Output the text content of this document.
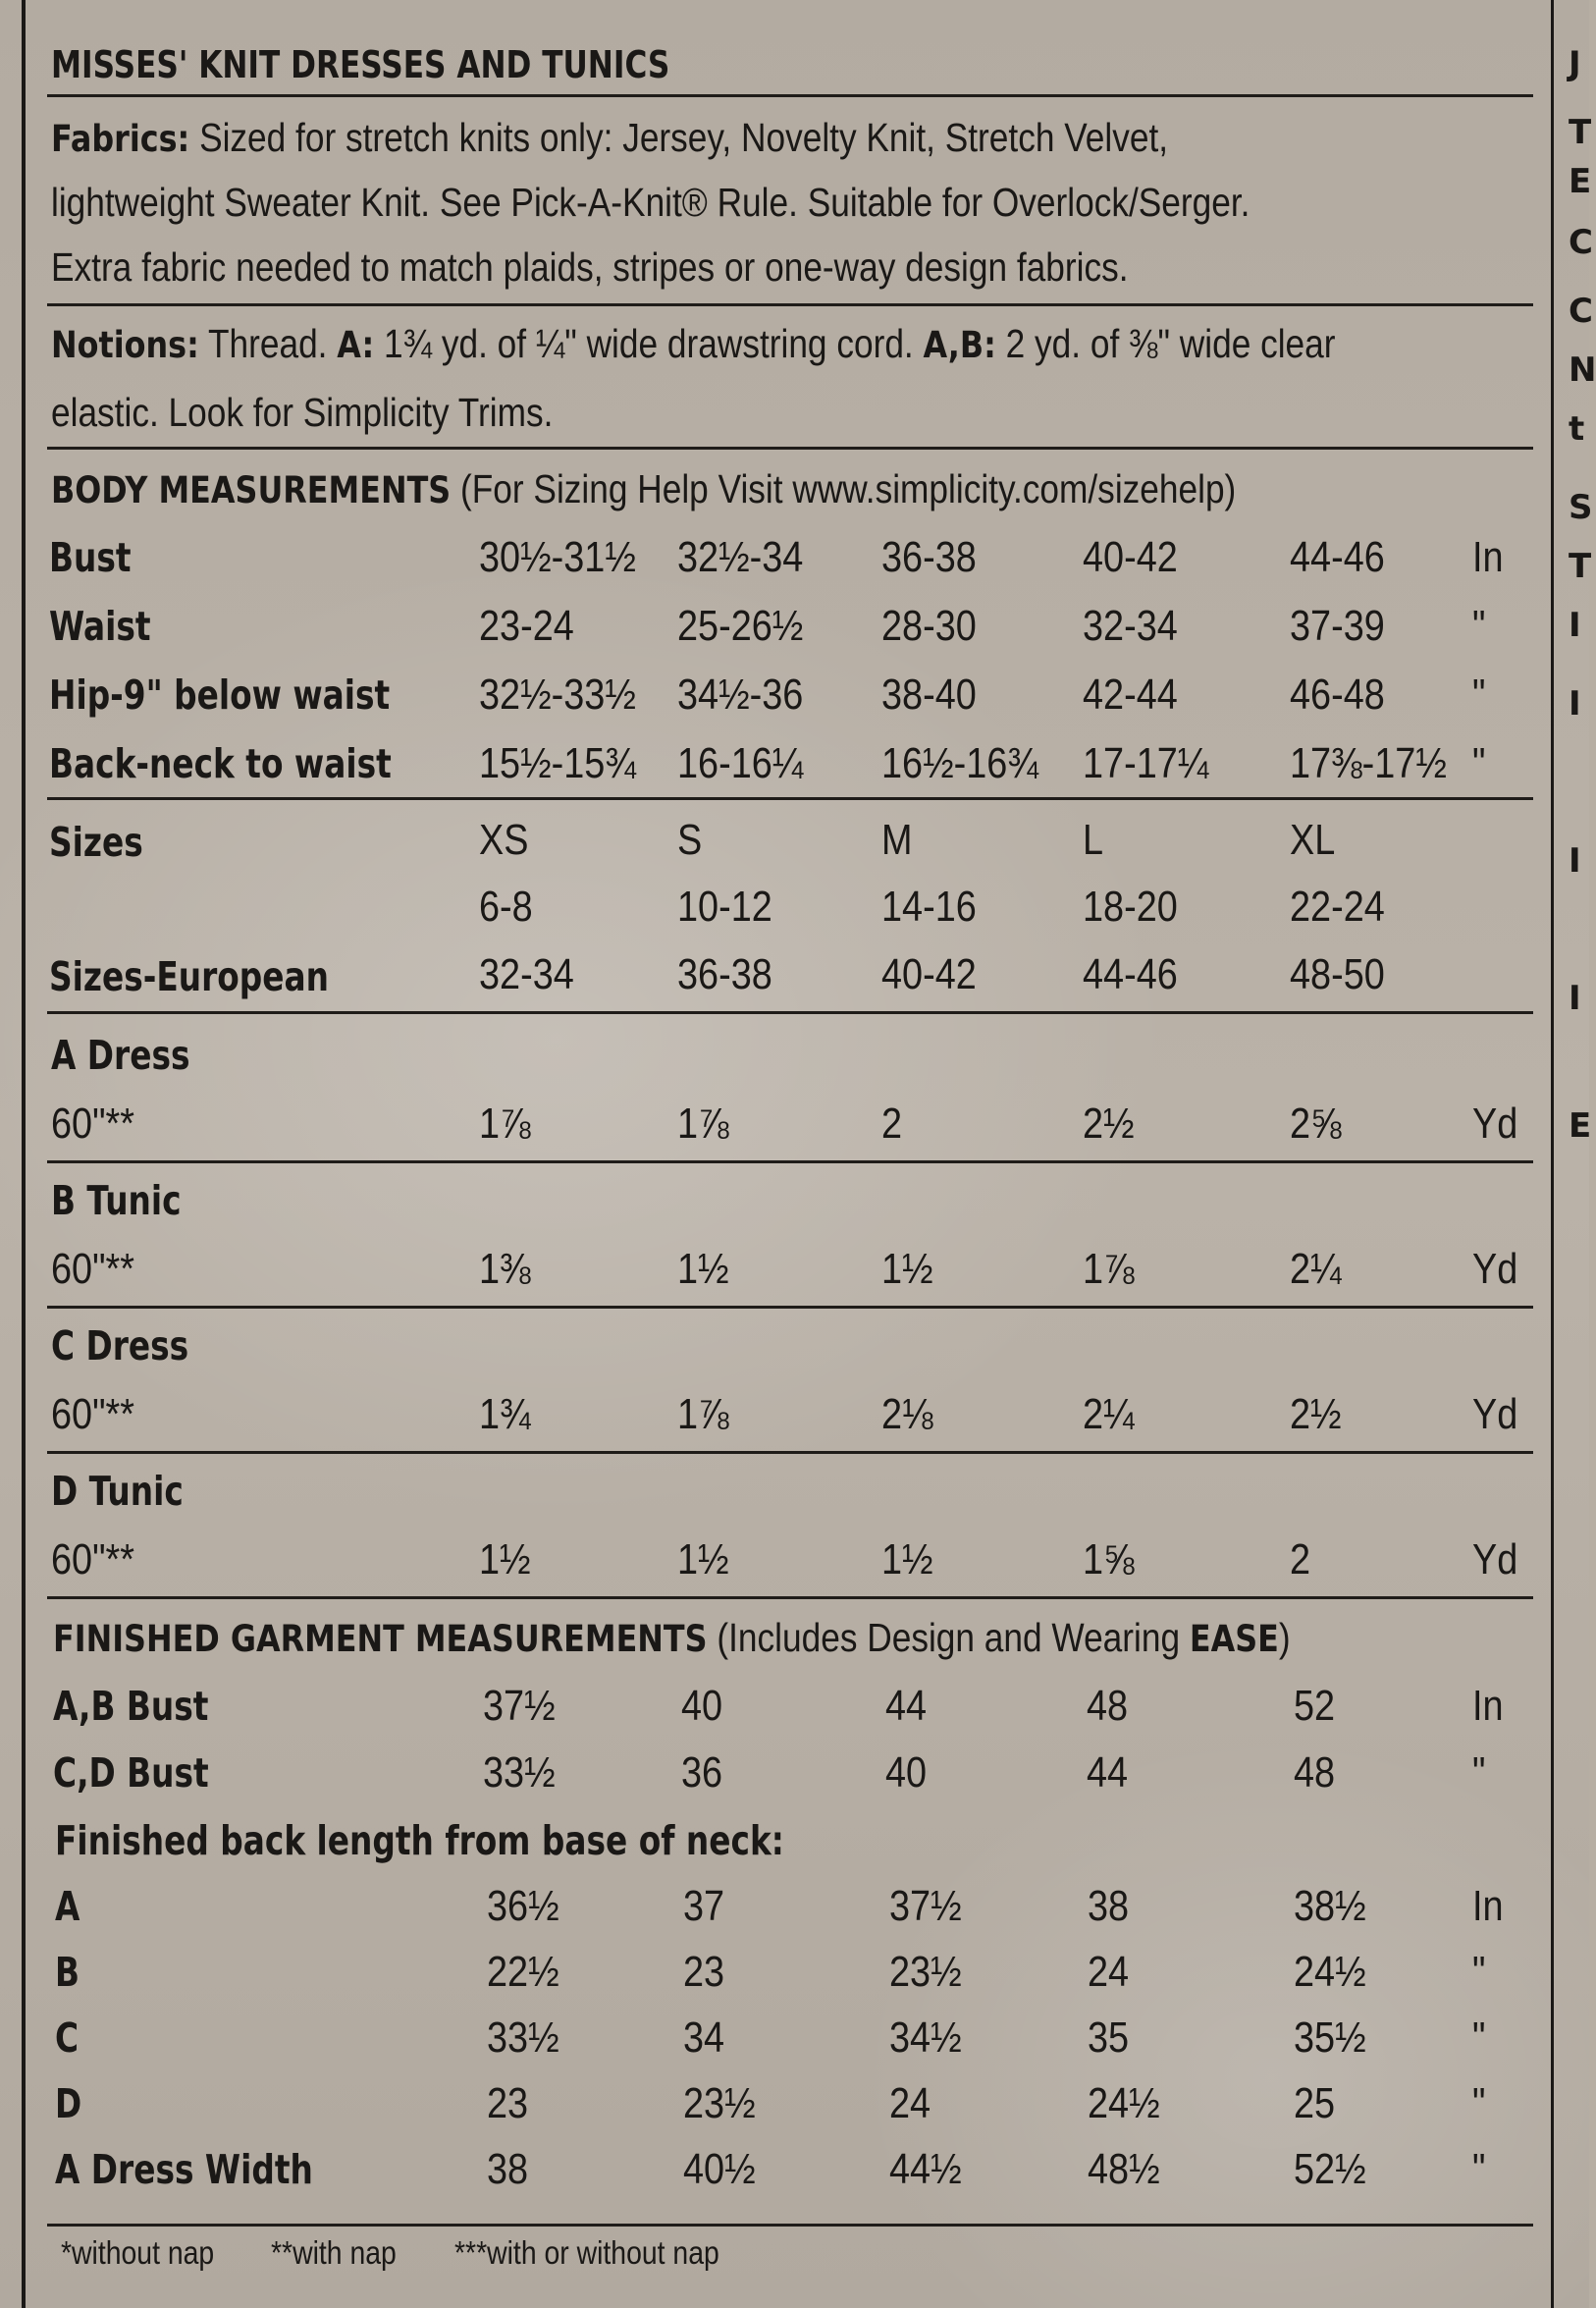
MISSES' KNIT DRESSES AND TUNICS
Fabrics: Sized for stretch knits only: Jersey, Novelty Knit, Stretch Velvet,
lightweight Sweater Knit. See Pick-A-Knit® Rule. Suitable for Overlock/Serger.
Extra fabric needed to match plaids, stripes or one-way design fabrics.
Notions: Thread. A: 1¾ yd. of ¼" wide drawstring cord. A,B: 2 yd. of ⅜" wide clear
elastic. Look for Simplicity Trims.
BODY MEASUREMENTS (For Sizing Help Visit www.simplicity.com/sizehelp)
Bust	30½-31½ 32½-34 36-38 40-42	44-46 In
Waist	23-24 25-26½ 28-30 32-34	37-39 "
Hip-9" below waist 32½-33½ 34½-36 38-40 42-44	46-48 "
Back-neck to waist 15½-15¾ 16-16¼ 16½-16¾ 17-17¼ 17⅜-17½ "
Sizes	XS	S	M	L	XL
6-8	10-12	14-16 18-20	22-24
Sizes-European	32-34 36-38	40-42 44-46	48-50
A Dress
60"**	1⅞	1⅞	2	2½	2⅝	Yd
B Tunic
60"**	1⅜	1½	1½	1⅞	2¼	Yd
C Dress
60"**	1¾	1⅞	2⅛	2¼	2½	Yd
D Tunic
60"**	1½	1½	1½	1⅝	2	Yd
FINISHED GARMENT MEASUREMENTS (Includes Design and Wearing EASE)
A,B Bust	37½	40	44	48	52	In
C,D Bust	33½	36	40	44	48	"
Finished back length from base of neck:
A	36½	37	37½	38	38½ In
B	22½	23	23½	24	24½ "
C	33½	34	34½	35	35½ "
D	23	23½	24	24½	25	"
A Dress Width	38	40½	44½	48½	52½ "
*without nap **with nap ***with or without nap
J
T
E
C
C
N
t
S
T
I
I
I
I
E
